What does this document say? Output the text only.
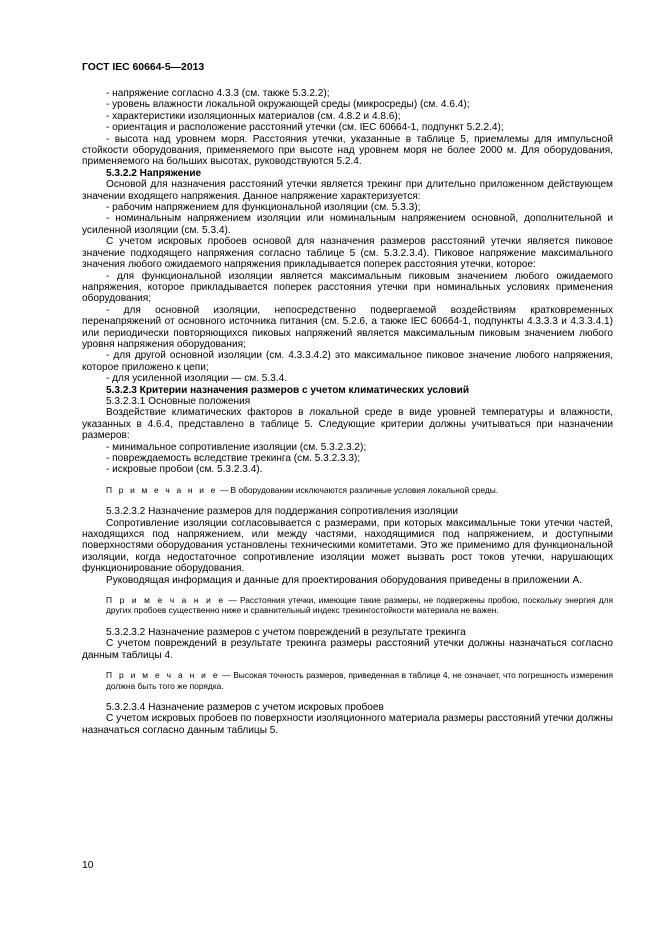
ГОСТ IEC 60664-5—2013

- напряжение согласно 4.3.3 (см. также 5.3.2.2);

- уровень влажности локальной окружающей среды (микросреды) (см. 4.6.4);

- характеристики изоляционных материалов (см. 4.8.2 и 4.8.6);

- ориентация и расположение расстояний утечки (см. IEC 60664-1, подпункт 5.2.2.4);

- высота над уровнем моря. Расстояния утечки, указанные в таблице 5, приемлемы для импульсной стойкости оборудования, применяемого при высоте над уровнем моря не более 2000 м. Для оборудования, применяемого на больших высотах, руководствуются 5.2.4.

5.3.2.2 Напряжение

Основой для назначения расстояний утечки является трекинг при длительно приложенном действующем значении входящего напряжения. Данное напряжение характеризуется:

- рабочим напряжением для функциональной изоляции (см. 5.3.3);

- номинальным напряжением изоляции или номинальным напряжением основной, дополнительной и усиленной изоляции (см. 5.3.4).

С учетом искровых пробоев основой для назначения размеров расстояний утечки является пиковое значение подходящего напряжения согласно таблице 5 (см. 5.3.2.3.4). Пиковое напряжение максимального значения любого ожидаемого напряжения прикладывается поперек расстояния утечки, которое:

- для функциональной изоляции является максимальным пиковым значением любого ожидаемого напряжения, которое прикладывается поперек расстояния утечки при номинальных условиях применения оборудования;

- для основной изоляции, непосредственно подвергаемой воздействиям кратковременных перенапряжений от основного источника питания (см. 5.2.6, а также IEC 60664-1, подпункты 4.3.3.3 и 4.3.3.4.1) или периодически повторяющихся пиковых напряжений является максимальным пиковым значением любого уровня напряжения оборудования;

- для другой основной изоляции (см. 4.3.3.4.2) это максимальное пиковое значение любого напряжения, которое приложено к цепи;

- для усиленной изоляции — см. 5.3.4.

5.3.2.3 Критерии назначения размеров с учетом климатических условий

5.3.2.3.1 Основные положения

Воздействие климатических факторов в локальной среде в виде уровней температуры и влажности, указанных в 4.6.4, представлено в таблице 5. Следующие критерии должны учитываться при назначении размеров:

- минимальное сопротивление изоляции (см. 5.3.2.3.2);

- повреждаемость вследствие трекинга (см. 5.3.2.3.3);

- искровые пробои (см. 5.3.2.3.4).

П р и м е ч а н и е — В оборудовании исключаются различные условия локальной среды.

5.3.2.3.2 Назначение размеров для поддержания сопротивления изоляции

Сопротивление изоляции согласовывается с размерами, при которых максимальные токи утечки частей, находящихся под напряжением, или между частями, находящимися под напряжением, и доступными поверхностями оборудования установлены техническими комитетами. Это же применимо для функциональной изоляции, когда недостаточное сопротивление изоляции может вызвать рост токов утечки, нарушающих функционирование оборудования.

Руководящая информация и данные для проектирования оборудования приведены в приложении А.

П р и м е ч а н и е — Расстояния утечки, имеющие такие размеры, не подвержены пробою, поскольку энергия для других пробоев существенно ниже и сравнительный индекс трекингостойкости материала не важен.

5.3.2.3.2 Назначение размеров с учетом повреждений в результате трекинга

С учетом повреждений в результате трекинга размеры расстояний утечки должны назначаться согласно данным таблицы 4.

П р и м е ч а н и е — Высокая точность размеров, приведенная в таблице 4, не означает, что погрешность измерения должна быть того же порядка.

5.3.2.3.4 Назначение размеров с учетом искровых пробоев

С учетом искровых пробоев по поверхности изоляционного материала размеры расстояний утечки должны назначаться согласно данным таблицы 5.

10
